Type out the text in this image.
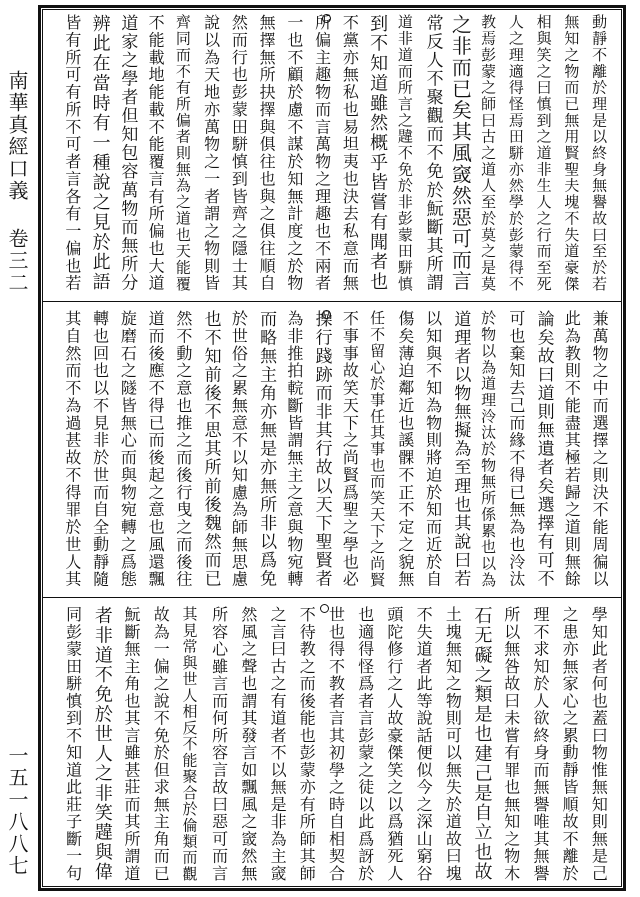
南華真經口義 卷三二
一五一八八七
動靜不離於理是以終身無譽故曰至於若
無知之物而已無用賢聖夫塊不失道豪傑
相與笑之曰慎到之道非生人之行而至死
人之理適得怪焉田駢亦然學於彭蒙得不
教焉彭蒙之師曰古之道人至於莫之是莫
之非而已矣其風窢然惡可而言
常反人不聚觀而不免於魭斷其所謂
道非道而所言之韙不免於非彭蒙田駢慎
到不知道雖然概乎皆嘗有聞者也
不黨亦無私也易坦夷也決去私意而無
所偏主趣物而言萬物之理趣也不兩者
一也不顧於慮不謀於知無計度之於物
無擇無所抉擇與俱往也與之俱往順自
然而行也彭蒙田駢慎到皆齊之隱士其
說以為天地亦萬物之一者謂之物則皆
齊同而不有所偏者則無為之道也天能覆
不能載地能載不能覆言有所偏也大道
道家之學者但知包容萬物而無所分
辨此在當時有一種說之見於此語
皆有所可有所不可者言各有一偏也若
兼萬物之中而選擇之則決不能周徧以
此為教則不能盡其極若歸之道則無餘
論矣故曰道則無遺者矣選擇有可不
可也棄知去己而緣不得已無為也泠汰
於物以為道理泠汰於物無所係累也以為
道理者以物無擬為至理也其說曰若
以知與不知為物則將迫於知而近於自
傷矣薄迫鄰近也謑髁不正不定之貌無
任不留心於事任其事也而笑天下之尚賢
不事事故笑天下之尚賢爲聖之學也必
操行踐跡而非其行故以天下聖賢者
為非推拍輐斷皆謂無主之意與物宛轉
而略無主角亦無是亦無所非以爲免
於世俗之累無意不以知慮為師無思慮
也不知前後不思其所前後魏然而已
然不動之意也推之而後行曳之而後往
道而後應不得已而後起之意也風還飄
旋磨石之隧皆無心而與物宛轉之爲態
轉也回也以不見非於世而自全動靜隨
其自然而不為過甚故不得罪於世人其
學知此者何也蓋曰物惟無知則無是己
之患亦無家心之累動靜皆順故不離於
理不求知於人欲終身而無譽唯其無譽
所以無咎故曰未嘗有罪也無知之物木
石无礙之類是也建己是自立也故
土塊無知之物則可以無失於道故曰塊
不失道者此等說話便似今之深山窮谷
頭陀修行之人故豪傑笑之以爲猶死人
也適得怪爲者言彭蒙之徒以此爲訝於
世也得不教者言其初學之時自相契合
不待教之而後能也彭蒙亦有所師其師
之言曰古之有道者不以無是非為主窢
然風之聲也謂其發言如飄風之窢然無
所容心雖言而何所容言故曰惡可而言
其見常與世人相反不能聚合於倫類而觀
故為一偏之說不免於但求無主角而已
魭斷無主角也其言雖甚莊而其所謂道
者非道不免於世人之非笑韙與偉
同彭蒙田駢慎到不知道此莊子斷一句
